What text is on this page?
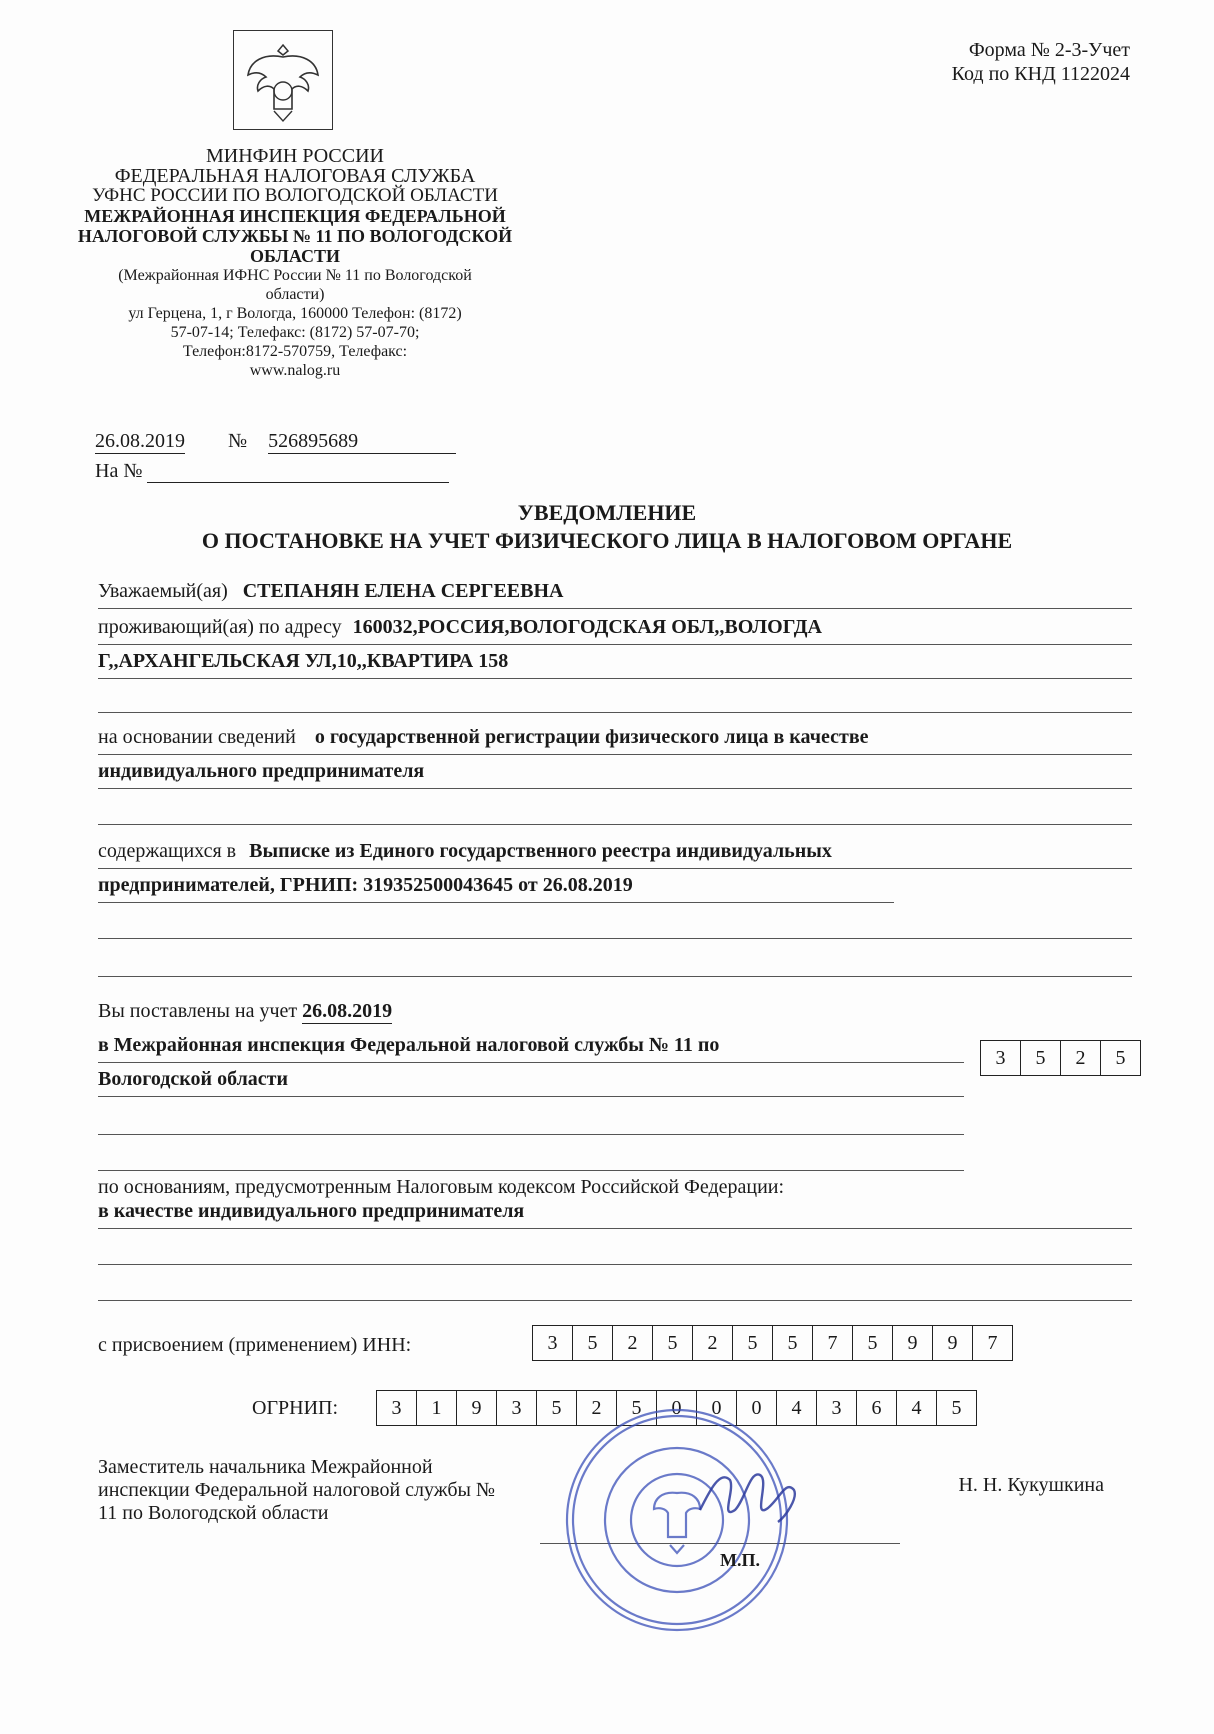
Форма № 2-3-Учет
Код по КНД 1122024
МИНФИН РОССИИ
ФЕДЕРАЛЬНАЯ НАЛОГОВАЯ СЛУЖБА
УФНС РОССИИ ПО ВОЛОГОДСКОЙ ОБЛАСТИ
МЕЖРАЙОННАЯ ИНСПЕКЦИЯ ФЕДЕРАЛЬНОЙ
НАЛОГОВОЙ СЛУЖБЫ № 11 ПО ВОЛОГОДСКОЙ
ОБЛАСТИ
(Межрайонная ИФНС России № 11 по Вологодской
области)
ул Герцена, 1, г Вологда, 160000 Телефон: (8172)
57-07-14; Телефакс: (8172) 57-07-70;
Телефон:8172-570759, Телефакс:
www.nalog.ru
26.08.2019 № 526895689
На №
УВЕДОМЛЕНИЕ
О ПОСТАНОВКЕ НА УЧЕТ ФИЗИЧЕСКОГО ЛИЦА В НАЛОГОВОМ ОРГАНЕ
Уважаемый(ая) СТЕПАНЯН ЕЛЕНА СЕРГЕЕВНА
проживающий(ая) по адресу 160032,РОССИЯ,ВОЛОГОДСКАЯ ОБЛ,,ВОЛОГДА
Г,,АРХАНГЕЛЬСКАЯ УЛ,10,,КВАРТИРА 158
на основании сведений о государственной регистрации физического лица в качестве
индивидуального предпринимателя
содержащихся в Выписке из Единого государственного реестра индивидуальных
предпринимателей, ГРНИП: 319352500043645 от 26.08.2019
Вы поставлены на учет 26.08.2019
в Межрайонная инспекция Федеральной налоговой службы № 11 по
Вологодской области
3	5	2	5
по основаниям, предусмотренным Налоговым кодексом Российской Федерации:
в качестве индивидуального предпринимателя
с присвоением (применением) ИНН:	3	5	2	5	2	5	5	7	5	9	9	7
ОГРНИП:	3	1	9	3	5	2	5	0	0	0	4	3	6	4	5
Заместитель начальника Межрайонной
инспекции Федеральной налоговой службы №
11 по Вологодской области
Н. Н. Кукушкина
М.П.
